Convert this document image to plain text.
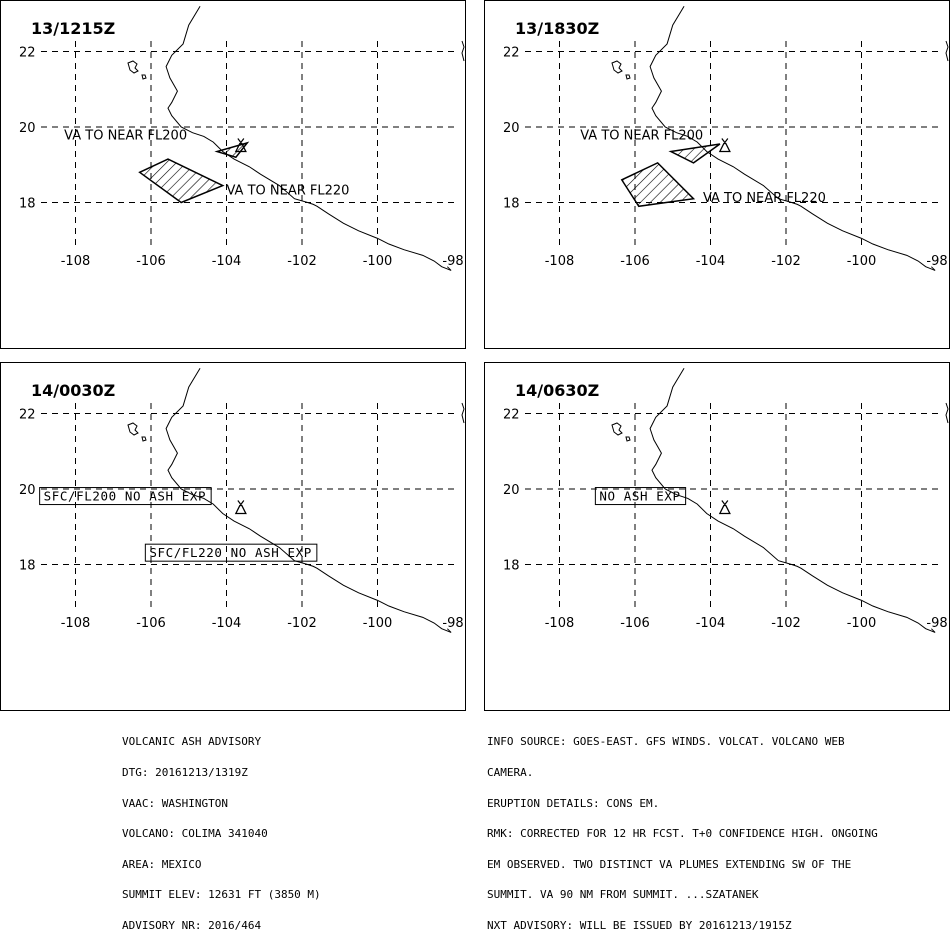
-108	-106	-104	-102	-100	-98
22
20
18
VA TO NEAR FL200
VA TO NEAR FL220
13/1215Z
-108	-106	-104	-102	-100	-98
22
20
18
VA TO NEAR FL200
VA TO NEAR FL220
13/1830Z
-108	-106	-104	-102	-100	-98
22
20
18
SFC/FL200 NO ASH EXP
SFC/FL220 NO ASH EXP
14/0030Z
-108	-106	-104	-102	-100	-98
22
20
18
NO ASH EXP
14/0630Z

VOLCANIC ASH ADVISORY

DTG: 20161213/1319Z

VAAC: WASHINGTON

VOLCANO: COLIMA 341040

AREA: MEXICO

SUMMIT ELEV: 12631 FT (3850 M)

ADVISORY NR: 2016/464

INFO SOURCE: GOES-EAST. GFS WINDS. VOLCAT. VOLCANO WEB

CAMERA.

ERUPTION DETAILS: CONS EM.

RMK: CORRECTED FOR 12 HR FCST. T+0 CONFIDENCE HIGH. ONGOING

EM OBSERVED. TWO DISTINCT VA PLUMES EXTENDING SW OF THE

SUMMIT. VA 90 NM FROM SUMMIT. ...SZATANEK

NXT ADVISORY: WILL BE ISSUED BY 20161213/1915Z
